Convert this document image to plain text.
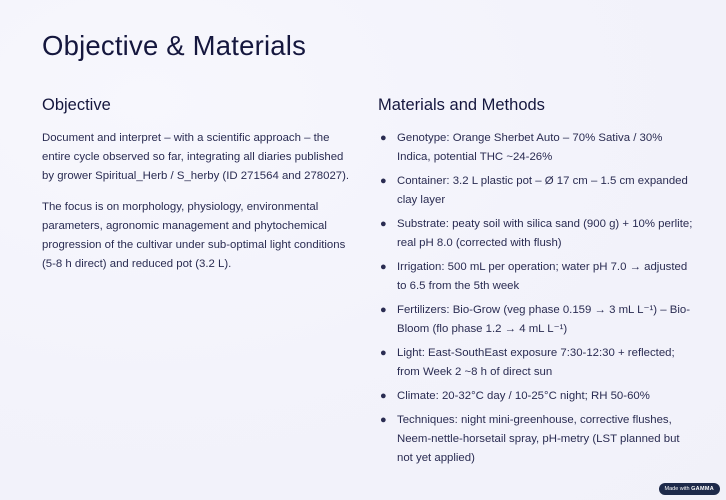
Objective & Materials
Objective

Document and interpret – with a scientific approach – the entire cycle observed so far, integrating all diaries published by grower Spiritual_Herb / S_herby (ID 271564 and 278027).

The focus is on morphology, physiology, environmental parameters, agronomic management and phytochemical progression of the cultivar under sub-optimal light conditions (5-8 h direct) and reduced pot (3.2 L).

Materials and Methods
● Genotype: Orange Sherbet Auto – 70% Sativa / 30% Indica, potential THC ~24-26%
● Container: 3.2 L plastic pot – Ø 17 cm – 1.5 cm expanded clay layer
● Substrate: peaty soil with silica sand (900 g) + 10% perlite; real pH 8.0 (corrected with flush)
● Irrigation: 500 mL per operation; water pH 7.0 → adjusted to 6.5 from the 5th week
● Fertilizers: Bio-Grow (veg phase 0.159 → 3 mL L⁻¹) – Bio-Bloom (flo phase 1.2 → 4 mL L⁻¹)
● Light: East-SouthEast exposure 7:30-12:30 + reflected; from Week 2 ~8 h of direct sun
● Climate: 20-32°C day / 10-25°C night; RH 50-60%
● Techniques: night mini-greenhouse, corrective flushes, Neem-nettle-horsetail spray, pH-metry (LST planned but not yet applied)
Made with GAMMA
